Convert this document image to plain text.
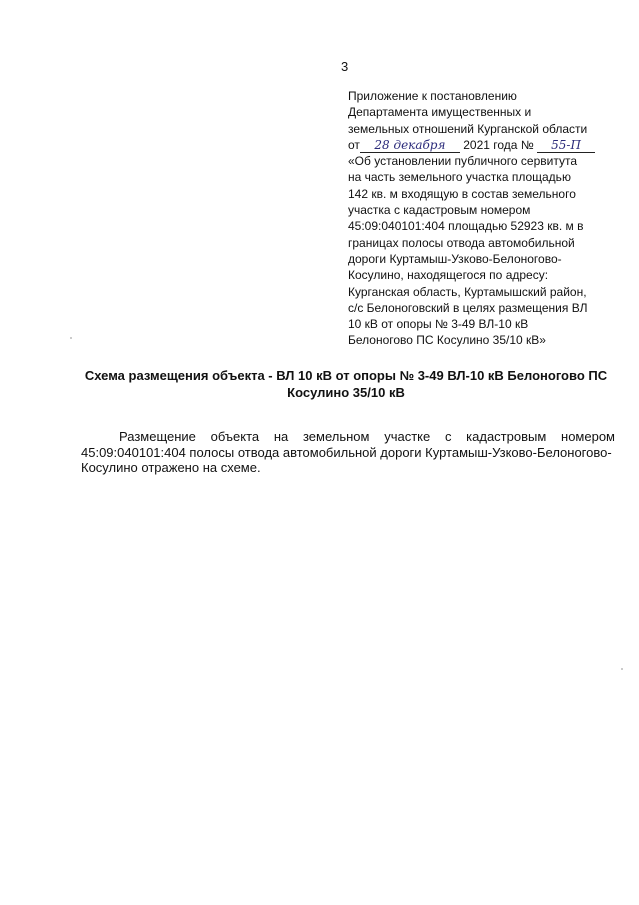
3
Приложение к постановлению
Департамента имущественных и
земельных отношений Курганской области
от 28 декабря 2021 года № 55-П
«Об установлении публичного сервитута
на часть земельного участка площадью
142 кв. м входящую в состав земельного
участка с кадастровым номером
45:09:040101:404 площадью 52923 кв. м в
границах полосы отвода автомобильной
дороги Куртамыш-Узково-Белоногово-
Косулино, находящегося по адресу:
Курганская область, Куртамышский район,
с/с Белоноговский в целях размещения ВЛ
10 кВ от опоры № 3-49 ВЛ-10 кВ
Белоногово ПС Косулино 35/10 кВ»
Схема размещения объекта - ВЛ 10 кВ от опоры № 3-49 ВЛ-10 кВ Белоногово ПС
Косулино 35/10 кВ
Размещение объекта на земельном участке с кадастровым номером
45:09:040101:404 полосы отвода автомобильной дороги Куртамыш-Узково-Белоногово-
Косулино отражено на схеме.
